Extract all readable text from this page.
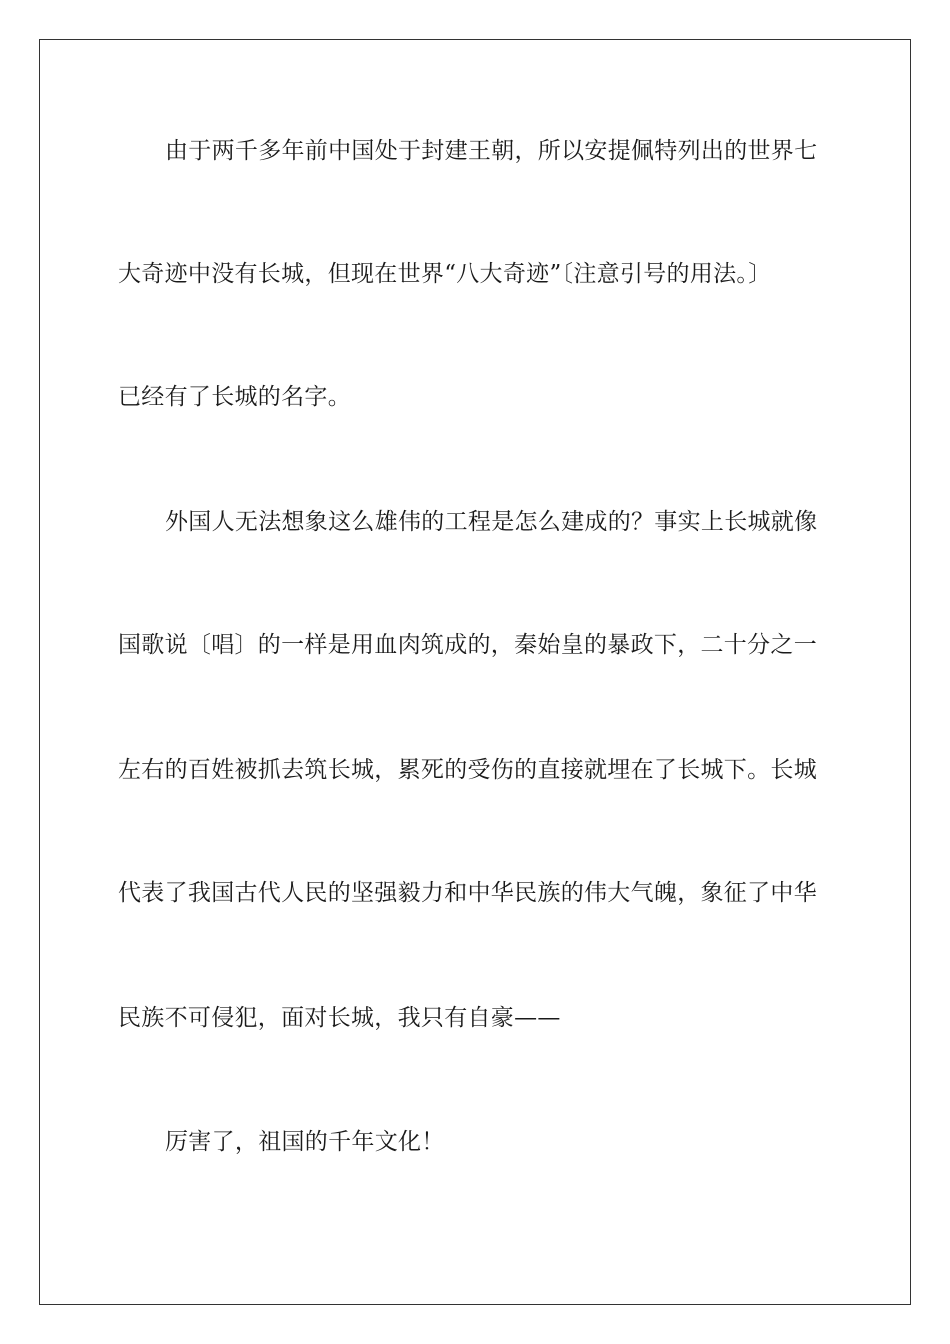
由于两千多年前中国处于封建王朝，所以安提佩特列出的世界七
大奇迹中没有长城，但现在世界“八大奇迹”〔注意引号的用法。〕
已经有了长城的名字。
外国人无法想象这么雄伟的工程是怎么建成的？事实上长城就像
国歌说〔唱〕的一样是用血肉筑成的，秦始皇的暴政下，二十分之一
左右的百姓被抓去筑长城，累死的受伤的直接就埋在了长城下。长城
代表了我国古代人民的坚强毅力和中华民族的伟大气魄，象征了中华
民族不可侵犯，面对长城，我只有自豪——
厉害了，祖国的千年文化！
